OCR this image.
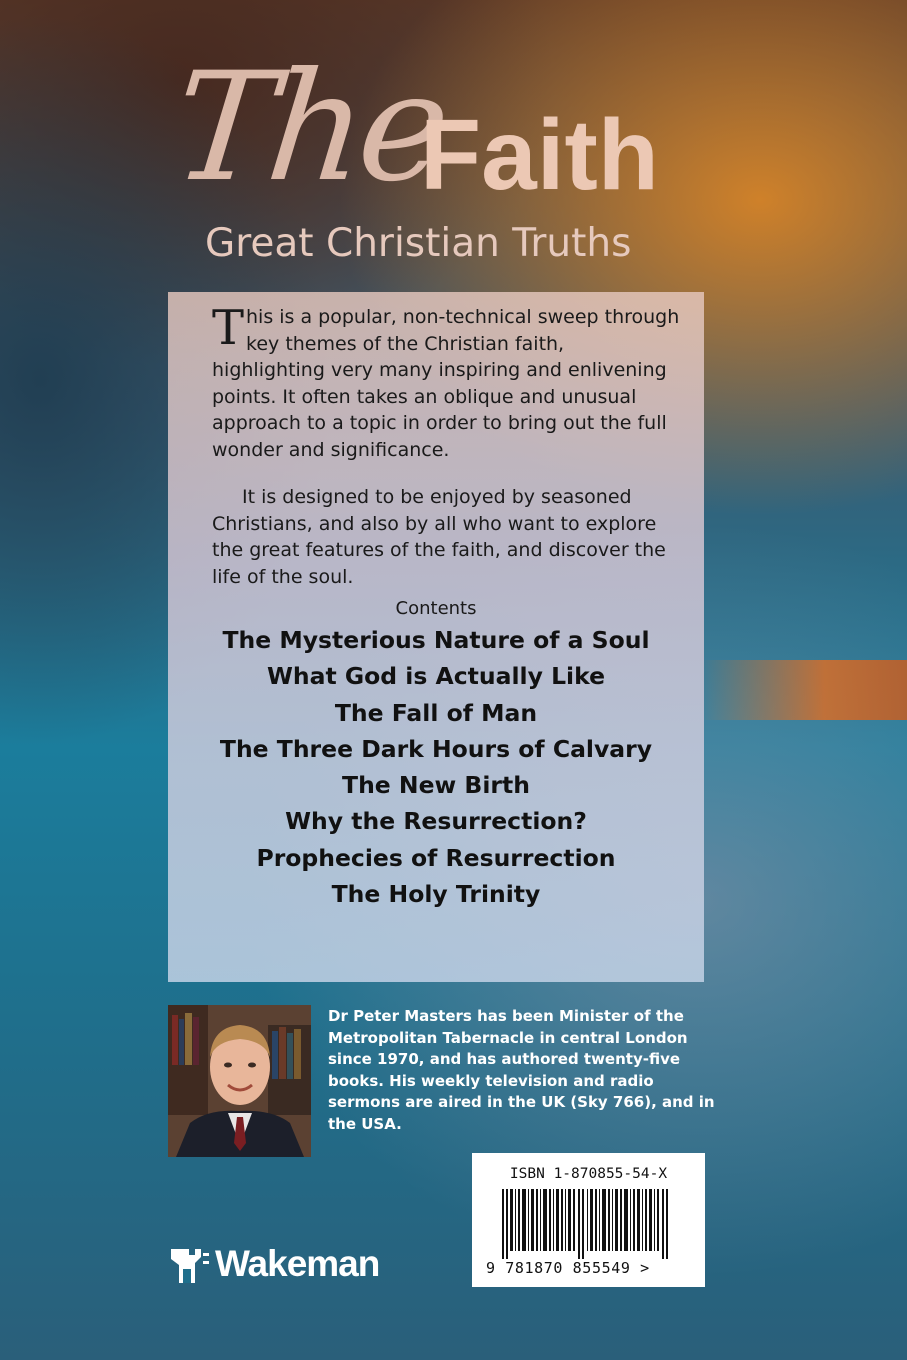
The
Faith
Great Christian Truths

This is a popular, non-technical sweep through key themes of the Christian faith, highlighting very many inspiring and enlivening points. It often takes an oblique and unusual approach to a topic in order to bring out the full wonder and significance.

It is designed to be enjoyed by seasoned Christians, and also by all who want to explore the great features of the faith, and discover the life of the soul.

Contents
The Mysterious Nature of a Soul
What God is Actually Like
The Fall of Man
The Three Dark Hours of Calvary
The New Birth
Why the Resurrection?
Prophecies of Resurrection
The Holy Trinity

Dr Peter Masters has been Minister of the Metropolitan Tabernacle in central London since 1970, and has authored twenty-five books. His weekly television and radio sermons are aired in the UK (Sky 766), and in the USA.

ISBN 1-870855-54-X
9 781870 855549 >
Wakeman
